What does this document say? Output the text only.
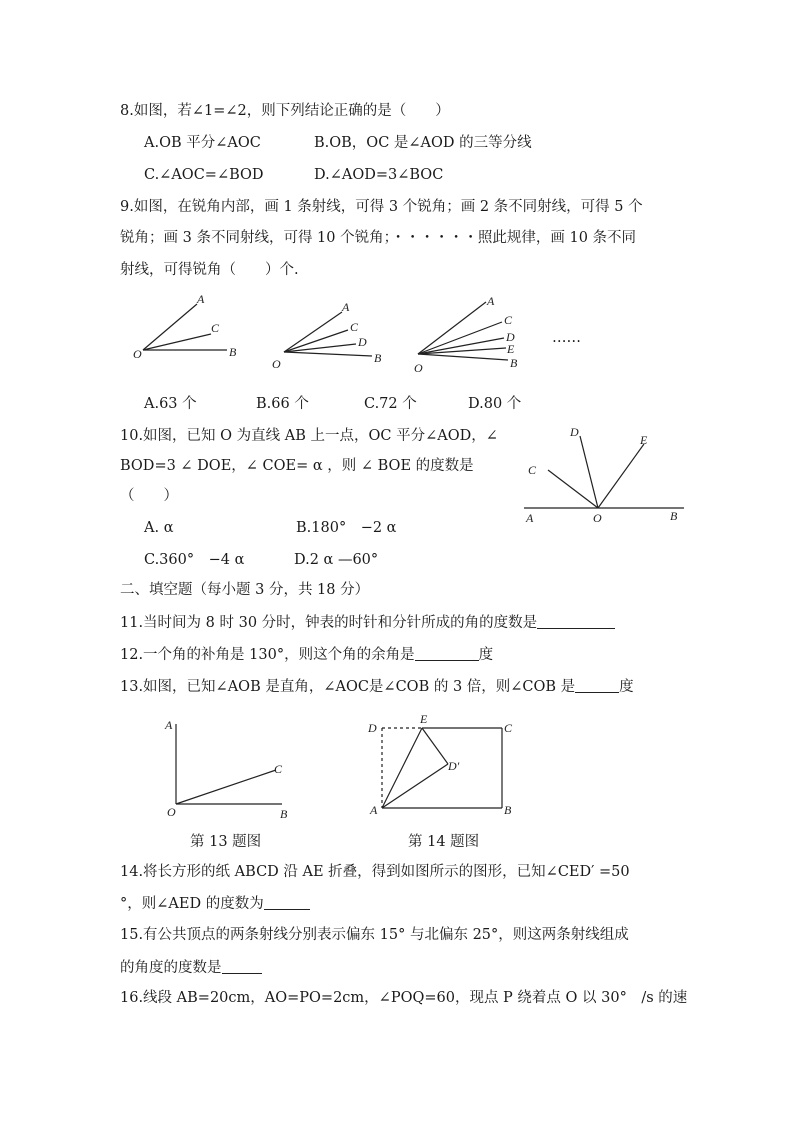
8.如图，若∠1=∠2，则下列结论正确的是（　　）
A.OB 平分∠AOC	B.OB，OC 是∠AOD 的三等分线
C.∠AOC=∠BOD	D.∠AOD=3∠BOC
9.如图，在锐角内部，画 1 条射线，可得 3 个锐角；画 2 条不同射线，可得 5 个
锐角；画 3 条不同射线，可得 10 个锐角；・・・・・・照此规律，画 10 条不同
射线，可得锐角（　　）个.
A
C
B
O
A
C
D
B
O
A
C
D
E
B
O
……
A.63 个	B.66 个	C.72 个	D.80 个
10.如图，已知 O 为直线 AB 上一点，OC 平分∠AOD，∠
BOD=3 ∠ DOE，∠ COE= α ，则 ∠ BOE 的度数是
（　　）
A. α	B.180°　−2 α
C.360°　−4 α	D.2 α —60°
A	O	B
C
D
E
二、填空题（每小题 3 分，共 18 分）
11.当时间为 8 时 30 分时，钟表的时针和分针所成的角的度数是
12.一个角的补角是 130°，则这个角的余角是	度
13.如图，已知∠AOB 是直角，∠AOC是∠COB 的 3 倍，则∠COB 是	度
A
C
O	B
第 13 题图
D
E
C
D′
A	B
第 14 题图
14.将长方形的纸 ABCD 沿 AE 折叠，得到如图所示的图形，已知∠CED′ =50
°，则∠AED 的度数为
15.有公共顶点的两条射线分别表示偏东 15° 与北偏东 25°，则这两条射线组成
的角度的度数是
16.线段 AB=20cm，AO=PO=2cm，∠POQ=60，现点 P 绕着点 O 以 30°　/s 的速
